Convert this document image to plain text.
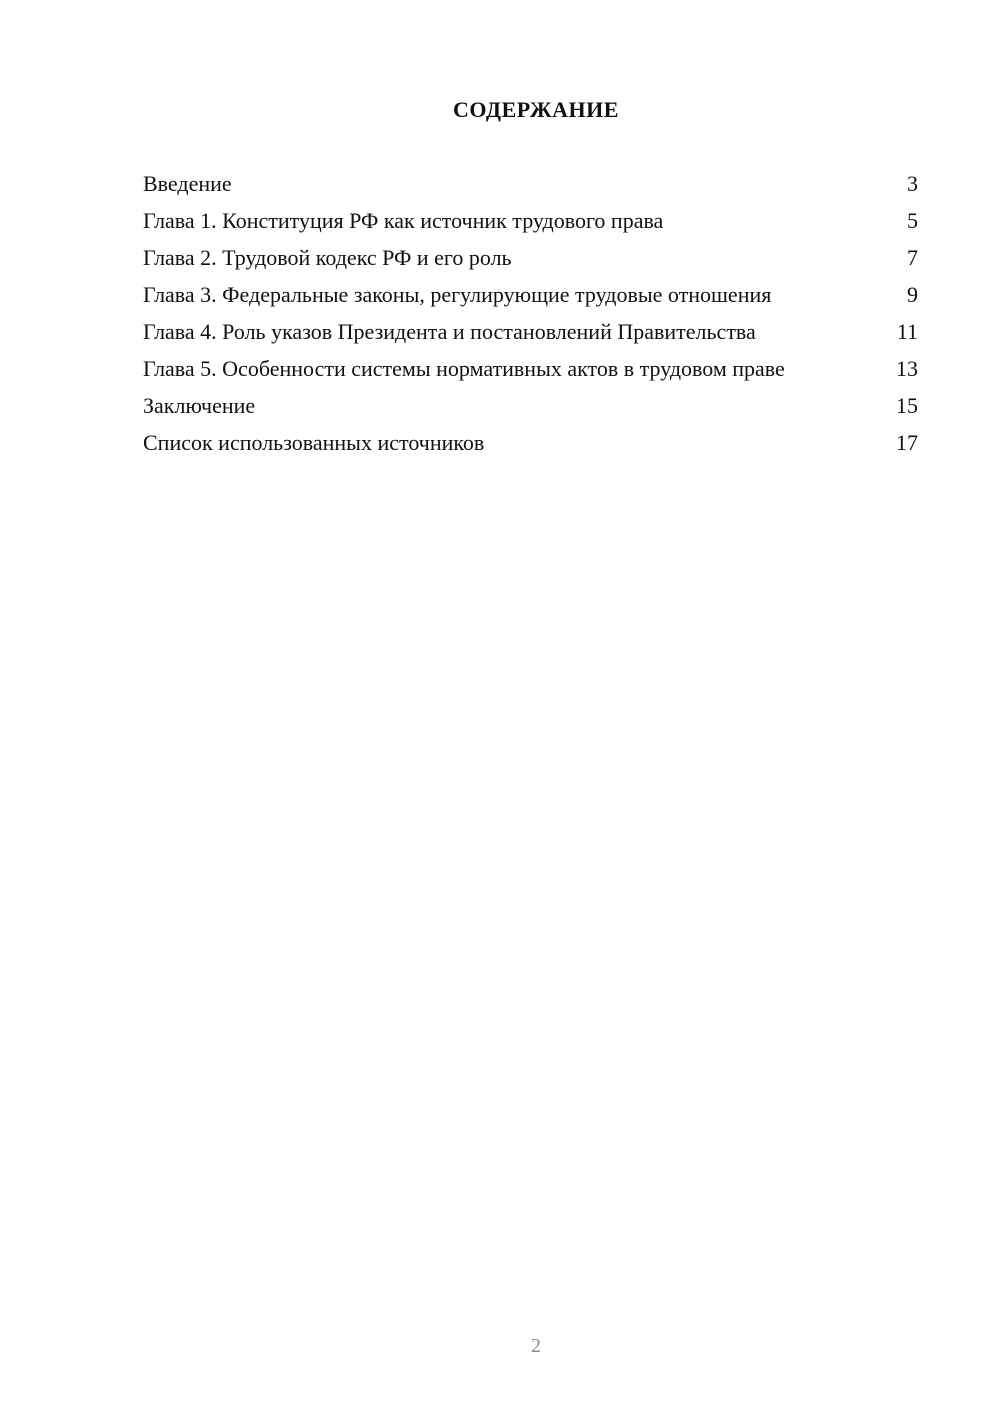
СОДЕРЖАНИЕ
Введение	3
Глава 1. Конституция РФ как источник трудового права	5
Глава 2. Трудовой кодекс РФ и его роль	7
Глава 3. Федеральные законы, регулирующие трудовые отношения	9
Глава 4. Роль указов Президента и постановлений Правительства	11
Глава 5. Особенности системы нормативных актов в трудовом праве	13
Заключение	15
Список использованных источников	17
2
